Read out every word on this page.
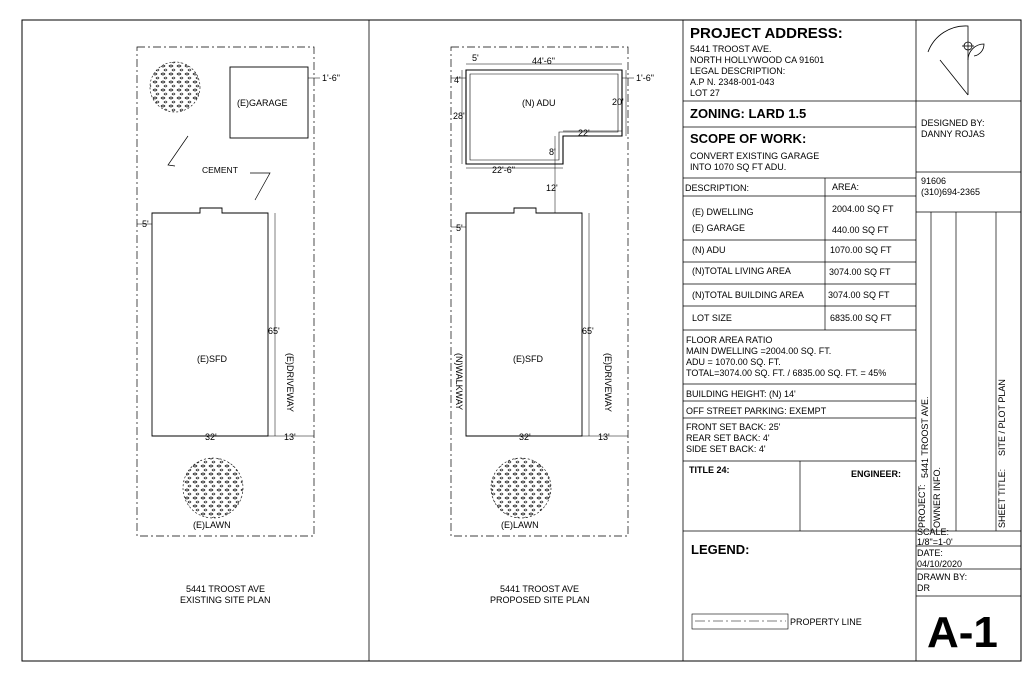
(E)GARAGE
1'-6"
CEMENT
5'
(E)SFD	(E)DRIVEWAY
65'
32'	13'
(E)LAWN
5441 TROOST AVE
EXISTING SITE PLAN
(N) ADU
5'	44'-6"
1'-6"
4'
28'
20'
22'
8'
22'-6"
12'
5'
(E)SFD
(N)WALKWAY	(E)DRIVEWAY
65'
32'	13'
(E)LAWN
5441 TROOST AVE
PROPOSED SITE PLAN
PROJECT ADDRESS:
5441 TROOST AVE.
NORTH HOLLYWOOD CA 91601
LEGAL DESCRIPTION:
A.P N. 2348-001-043
LOT 27
ZONING: LARD 1.5
SCOPE OF WORK:
CONVERT EXISTING GARAGE
INTO 1070 SQ FT ADU.
DESCRIPTION:	AREA:
(E) DWELLING	2004.00 SQ FT
(E) GARAGE	440.00 SQ FT
(N) ADU	1070.00 SQ FT
(N)TOTAL LIVING AREA	3074.00 SQ FT
(N)TOTAL BUILDING AREA	3074.00 SQ FT
LOT SIZE	6835.00 SQ FT
FLOOR AREA RATIO
MAIN DWELLING =2004.00 SQ. FT.
ADU = 1070.00 SQ. FT.
TOTAL=3074.00 SQ. FT. / 6835.00 SQ. FT. = 45%
BUILDING HEIGHT: (N) 14'
OFF STREET PARKING: EXEMPT
FRONT SET BACK: 25'
REAR SET BACK: 4'
SIDE SET BACK: 4'
TITLE 24:	ENGINEER:
LEGEND:
PROPERTY LINE
DESIGNED BY:
DANNY ROJAS
91606
(310)694-2365
PROJECT:
5441 TROOST AVE.
OWNER INFO.	SHEET TITLE:
SITE / PLOT PLAN
SCALE:
1/8"=1-0'
DATE:
04/10/2020
DRAWN BY:
DR
A-1
